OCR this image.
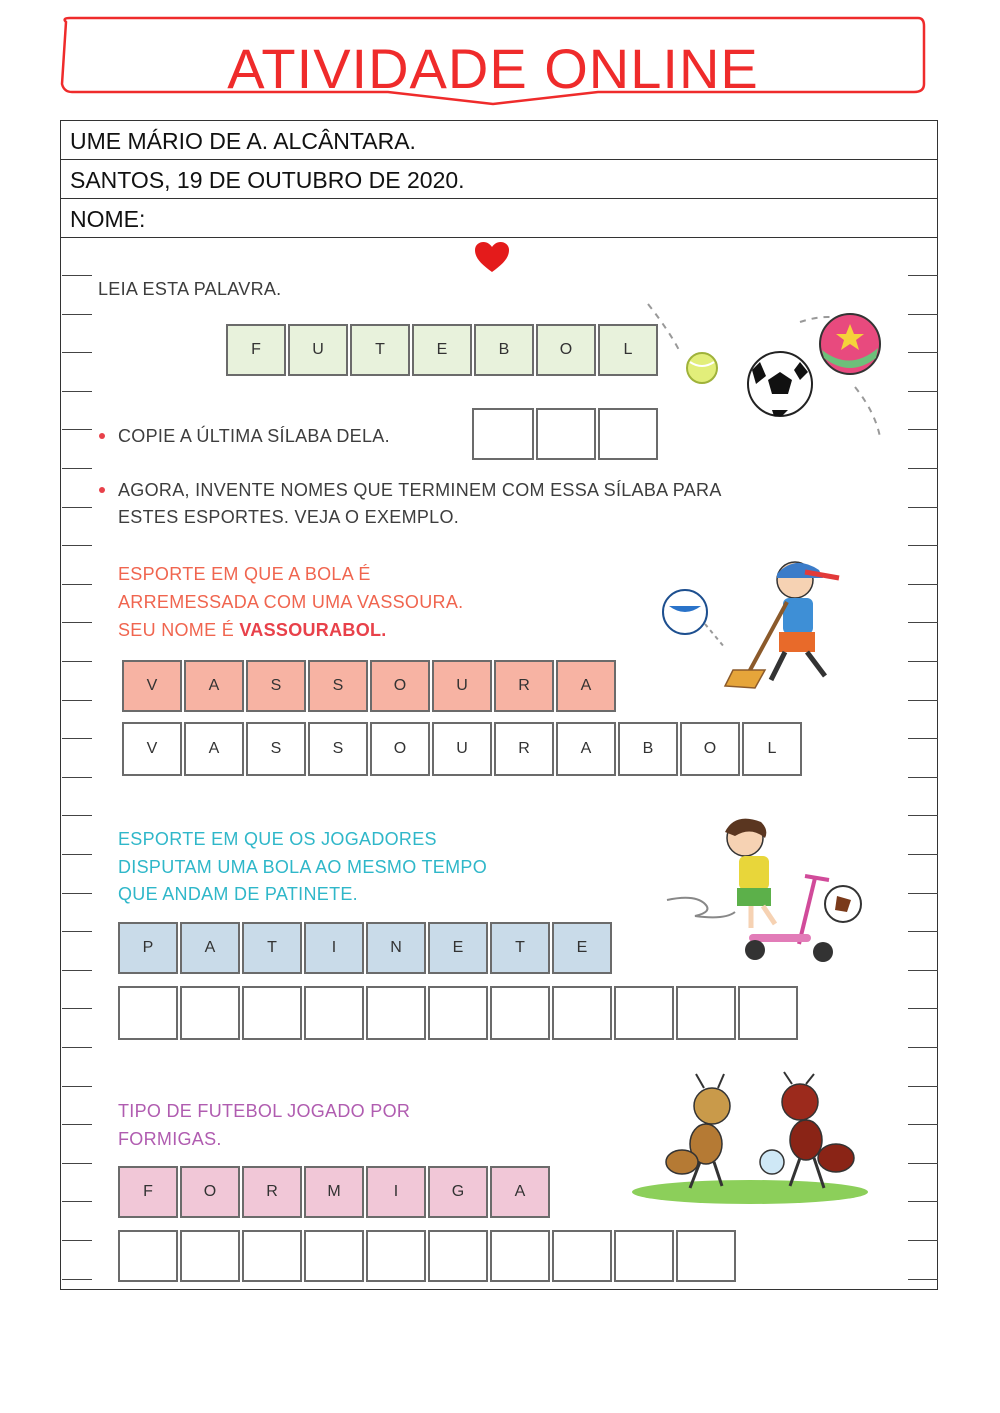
ATIVIDADE ONLINE
UME MÁRIO DE A. ALCÂNTARA.
SANTOS, 19 DE OUTUBRO DE 2020.
NOME:
LEIA ESTA PALAVRA.
F	U	T	E	B	O	L
COPIE A ÚLTIMA SÍLABA DELA.
AGORA, INVENTE NOMES QUE TERMINEM COM ESSA SÍLABA PARA
ESTES ESPORTES. VEJA O EXEMPLO.
ESPORTE EM QUE A BOLA É
ARREMESSADA COM UMA VASSOURA.
SEU NOME É VASSOURABOL.
V	A	S	S	O	U	R	A
V	A	S	S	O	U	R	A	B	O	L
ESPORTE EM QUE OS JOGADORES
DISPUTAM UMA BOLA AO MESMO TEMPO
QUE ANDAM DE PATINETE.
P	A	T	I	N	E	T	E
TIPO DE FUTEBOL JOGADO POR
FORMIGAS.
F	O	R	M	I	G	A
